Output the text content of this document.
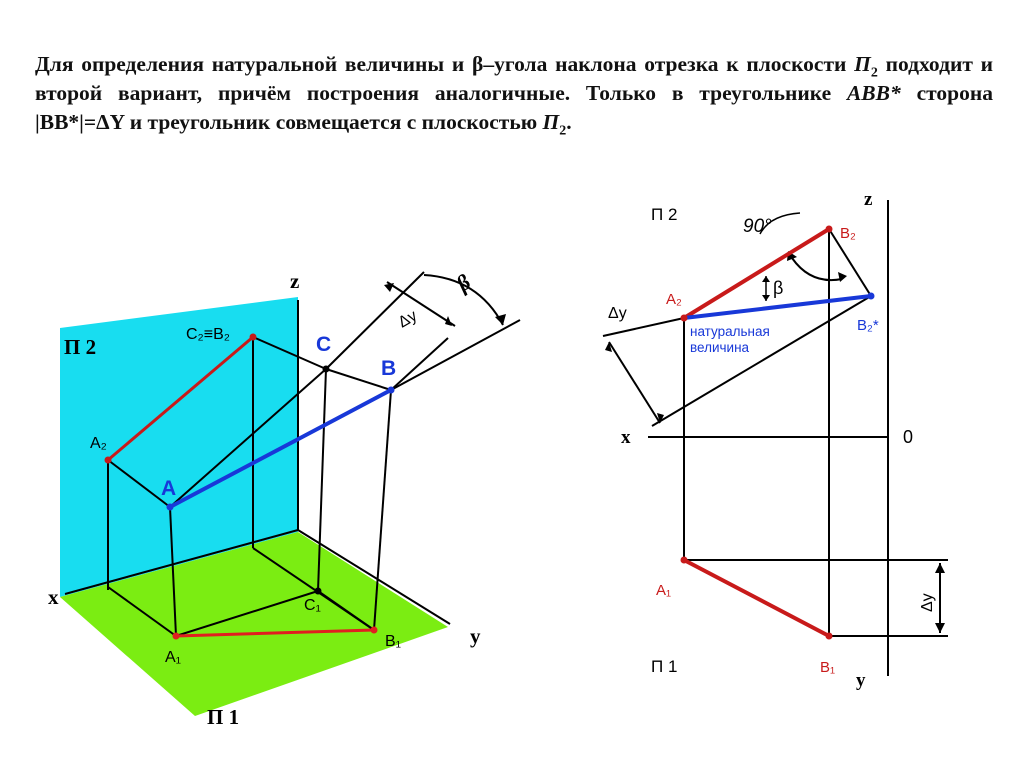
Для определения натуральной величины и β–угола наклона отрезка к плоскости $П_2$ подходит и второй вариант, причём построения аналогичные. Только в треугольнике ABB* сторона |BB*|=ΔY и треугольник совмещается с плоскостью $П_2$.
П 2
П 1
z
x
y
C₂≡B₂
A₂
A
C
B
C₁
A₁
B₁
Δy
β
П 2
П 1
z
x	0
y
90°	B₂
B₂*
A₂
β
Δy
натуральная
величина
A₁
B₁
Δy
